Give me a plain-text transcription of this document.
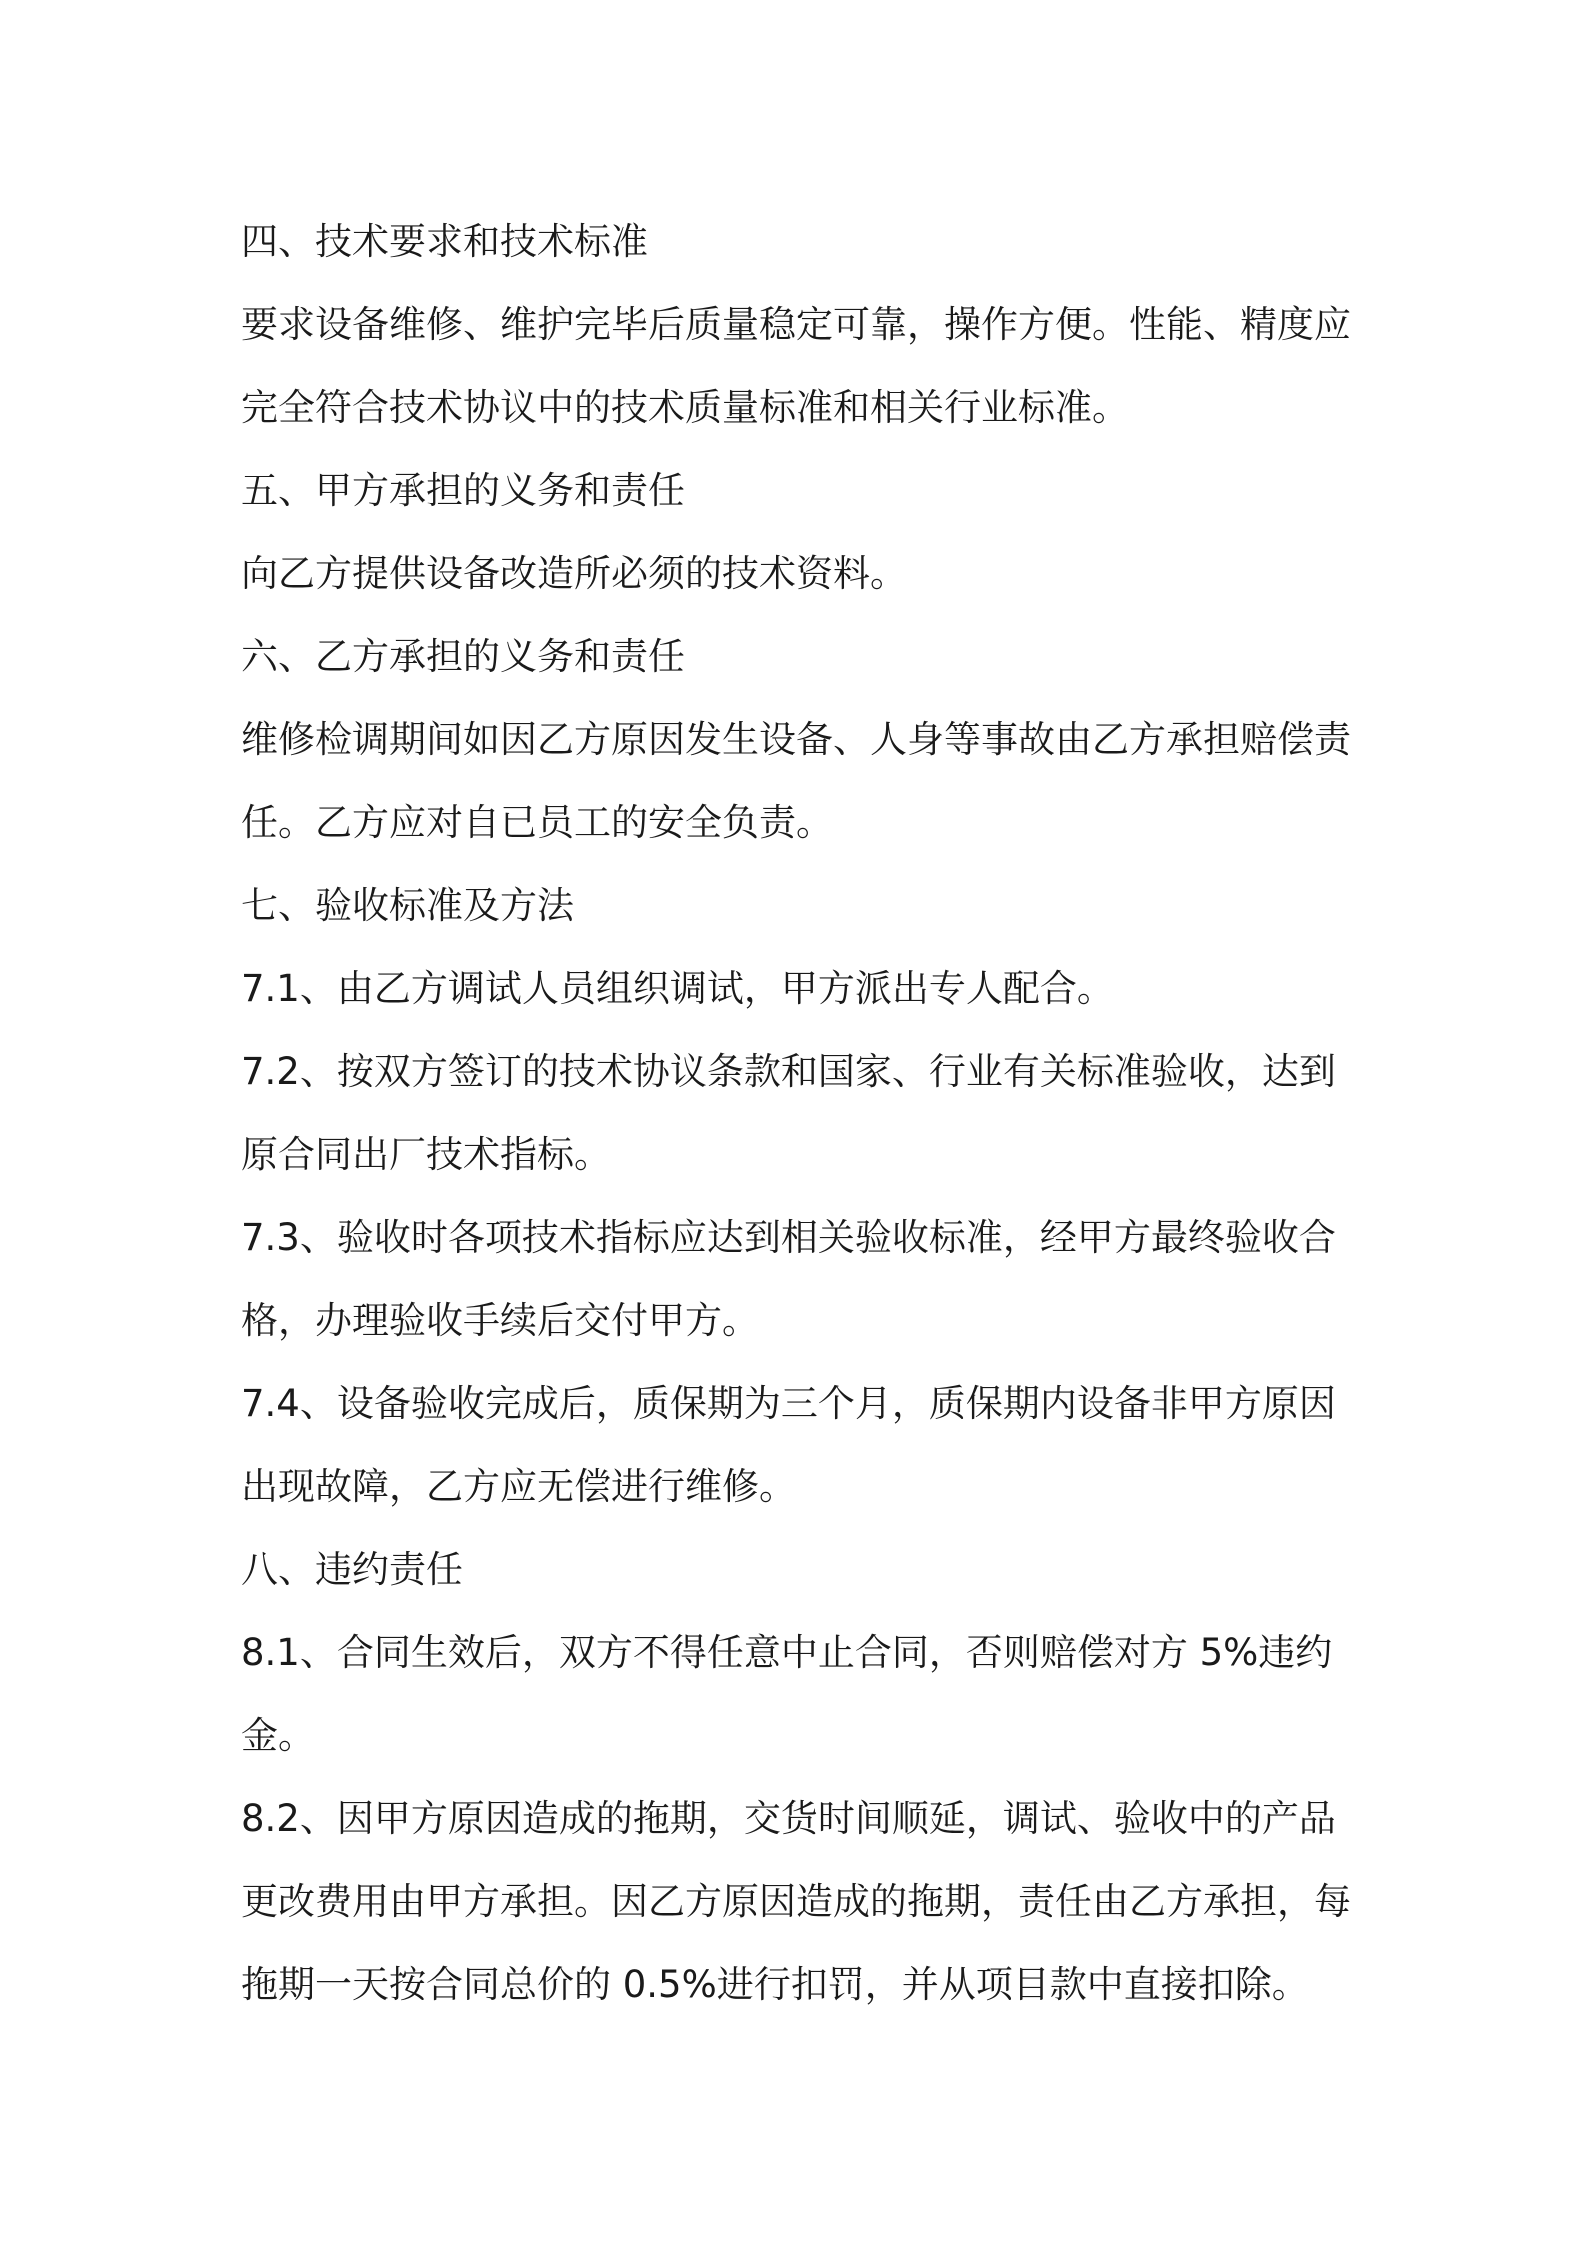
四、技术要求和技术标准
要求设备维修、维护完毕后质量稳定可靠，操作方便。性能、精度应
完全符合技术协议中的技术质量标准和相关行业标准。
五、甲方承担的义务和责任
向乙方提供设备改造所必须的技术资料。
六、乙方承担的义务和责任
维修检调期间如因乙方原因发生设备、人身等事故由乙方承担赔偿责
任。乙方应对自已员工的安全负责。
七、验收标准及方法
7.1、由乙方调试人员组织调试，甲方派出专人配合。
7.2、按双方签订的技术协议条款和国家、行业有关标准验收，达到
原合同出厂技术指标。
7.3、验收时各项技术指标应达到相关验收标准，经甲方最终验收合
格，办理验收手续后交付甲方。
7.4、设备验收完成后，质保期为三个月，质保期内设备非甲方原因
出现故障，乙方应无偿进行维修。
八、违约责任
8.1、合同生效后，双方不得任意中止合同，否则赔偿对方 5%违约
金。
8.2、因甲方原因造成的拖期，交货时间顺延，调试、验收中的产品
更改费用由甲方承担。因乙方原因造成的拖期，责任由乙方承担，每
拖期一天按合同总价的 0.5%进行扣罚，并从项目款中直接扣除。
